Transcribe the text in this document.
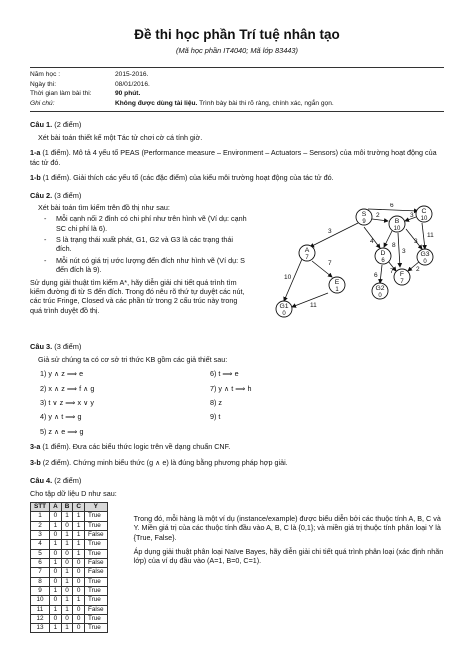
Đề thi học phần Trí tuệ nhân tạo
(Mã học phần IT4040; Mã lớp 83443)
Năm học :	2015-2016.
Ngày thi:	08/01/2016.
Thời gian làm bài thi:	90 phút.
Ghi chú:	Không được dùng tài liệu. Trình bày bài thi rõ ràng, chính xác, ngắn gọn.
Câu 1. (2 điểm)
Xét bài toán thiết kế một Tác tử chơi cờ cá tính giờ.
1-a (1 điểm). Mô tả 4 yếu tố PEAS (Performance measure – Environment – Actuators – Sensors) của môi trường hoạt động của tác tử đó.
1-b (1 điểm). Giải thích các yếu tố (các đặc điểm) của kiểu môi trường hoạt động của tác tử đó.
Câu 2. (3 điểm)
Xét bài toán tìm kiếm trên đồ thị như sau:
-	Mỗi cạnh nối 2 đỉnh có chi phí như trên hình vẽ (Ví dụ: cạnh SC chi phí là 6).
-	S là trạng thái xuất phát, G1, G2 và G3 là các trạng thái đích.
-	Mỗi nút có giá trị ước lượng đến đích như hình vẽ (Ví dụ: S đến đích là 9).
Sử dụng giải thuật tìm kiếm A*, hãy diễn giải chi tiết quá trình tìm kiếm đường đi từ S đến đích. Trong đó nêu rõ thứ tự duyệt các nút, các trúc Fringe, Closed và các phần tử trong 2 cấu trúc này trong quá trình duyệt đồ thị.
6
3
2
4
11
3
8
3
7
6
2
7
10
11
3
S
9
C
10
B
10
A
7
D
6
E
1
G3
0
F
7
G2
0
G1
0
Câu 3. (3 điểm)
Giả sử chúng ta có cơ sở tri thức KB gồm các giả thiết sau:
1) y ∧ z ⟹ e	6) t ⟹ e
2) x ∧ z ⟹ f ∧ g	7) y ∧ t ⟹ h
3) t ∨ z ⟹ x ∨ y	8) z
4) y ∧ t ⟹ g	9) t
5) z ∧ e ⟹ g
3-a (1 điểm). Đưa các biểu thức logic trên về dạng chuẩn CNF.
3-b (2 điểm). Chứng minh biểu thức (g ∧ e) là đúng bằng phương pháp hợp giải.
Câu 4. (2 điểm)
Cho tập dữ liệu D như sau:
STT	A	B	C	Y
1	0	1	1	True
2	1	0	1	True
3	0	1	1	False
4	1	1	1	True
5	0	0	1	True
6	1	0	0	False
7	0	1	0	False
8	0	1	0	True
9	1	0	0	True
10	0	1	1	True
11	1	1	0	False
12	0	0	0	True
13	1	1	0	True
Trong đó, mỗi hàng là một ví dụ (instance/example) được biểu diễn bởi các thuộc tính A, B, C và Y. Miền giá trị của các thuộc tính đầu vào A, B, C là {0,1}; và miền giá trị thuộc tính phân loại Y là {True, False}.
Áp dụng giải thuật phân loại Naïve Bayes, hãy diễn giải chi tiết quá trình phân loại (xác định nhãn lớp) của ví dụ đầu vào (A=1, B=0, C=1).
